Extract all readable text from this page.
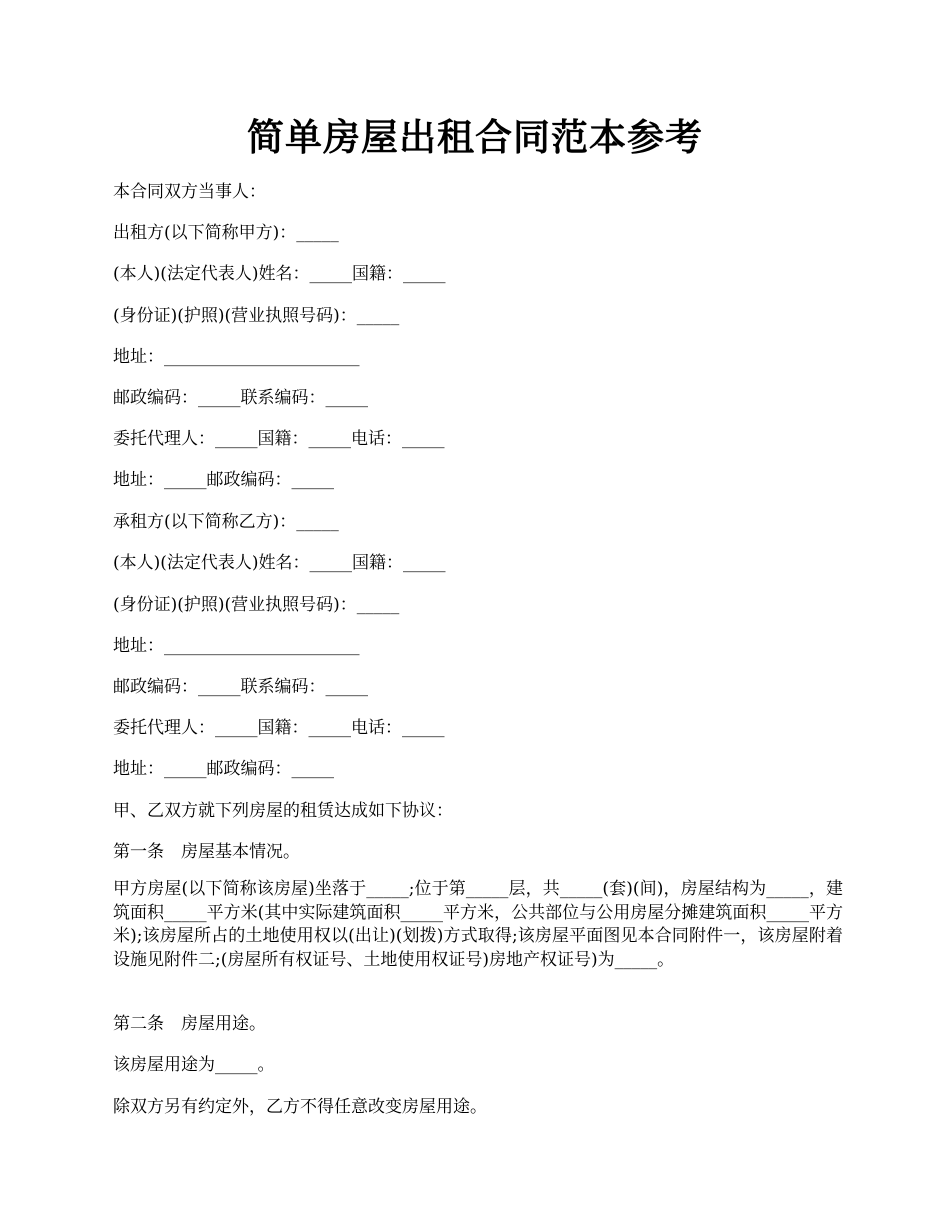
简单房屋出租合同范本参考
本合同双方当事人：
出租方(以下简称甲方)：_____
(本人)(法定代表人)姓名：_____国籍：_____
(身份证)(护照)(营业执照号码)：_____
地址：_______________________
邮政编码：_____联系编码：_____
委托代理人：_____国籍：_____电话：_____
地址：_____邮政编码：_____
承租方(以下简称乙方)：_____
(本人)(法定代表人)姓名：_____国籍：_____
(身份证)(护照)(营业执照号码)：_____
地址：_______________________
邮政编码：_____联系编码：_____
委托代理人：_____国籍：_____电话：_____
地址：_____邮政编码：_____
甲、乙双方就下列房屋的租赁达成如下协议：
第一条　房屋基本情况。
甲方房屋(以下简称该房屋)坐落于_____;位于第_____层，共_____(套)(间)，房屋结构为_____，建筑面积_____平方米(其中实际建筑面积_____平方米，公共部位与公用房屋分摊建筑面积_____平方米);该房屋所占的土地使用权以(出让)(划拨)方式取得;该房屋平面图见本合同附件一，该房屋附着设施见附件二;(房屋所有权证号、土地使用权证号)房地产权证号)为_____。
第二条　房屋用途。
该房屋用途为_____。
除双方另有约定外，乙方不得任意改变房屋用途。
